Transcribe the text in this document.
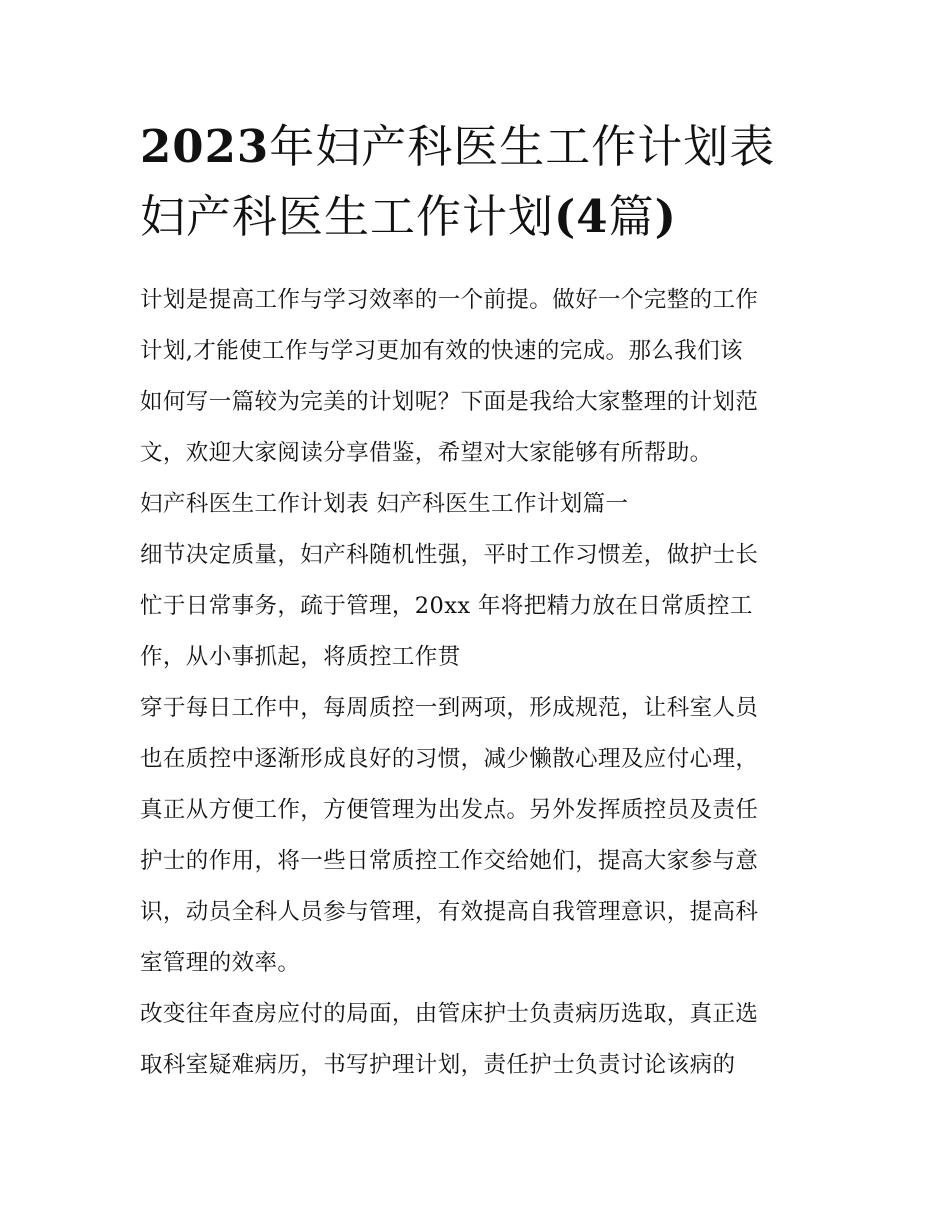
2023年妇产科医生工作计划表
妇产科医生工作计划(4篇)

计划是提高工作与学习效率的一个前提。做好一个完整的工作
计划,才能使工作与学习更加有效的快速的完成。那么我们该
如何写一篇较为完美的计划呢？下面是我给大家整理的计划范
文，欢迎大家阅读分享借鉴，希望对大家能够有所帮助。

妇产科医生工作计划表 妇产科医生工作计划篇一

细节决定质量，妇产科随机性强，平时工作习惯差，做护士长
忙于日常事务，疏于管理，20xx 年将把精力放在日常质控工
作，从小事抓起，将质控工作贯

穿于每日工作中，每周质控一到两项，形成规范，让科室人员
也在质控中逐渐形成良好的习惯，减少懒散心理及应付心理，
真正从方便工作，方便管理为出发点。另外发挥质控员及责任
护士的作用，将一些日常质控工作交给她们，提高大家参与意
识，动员全科人员参与管理，有效提高自我管理意识，提高科
室管理的效率。

改变往年查房应付的局面，由管床护士负责病历选取，真正选
取科室疑难病历，书写护理计划，责任护士负责讨论该病的
